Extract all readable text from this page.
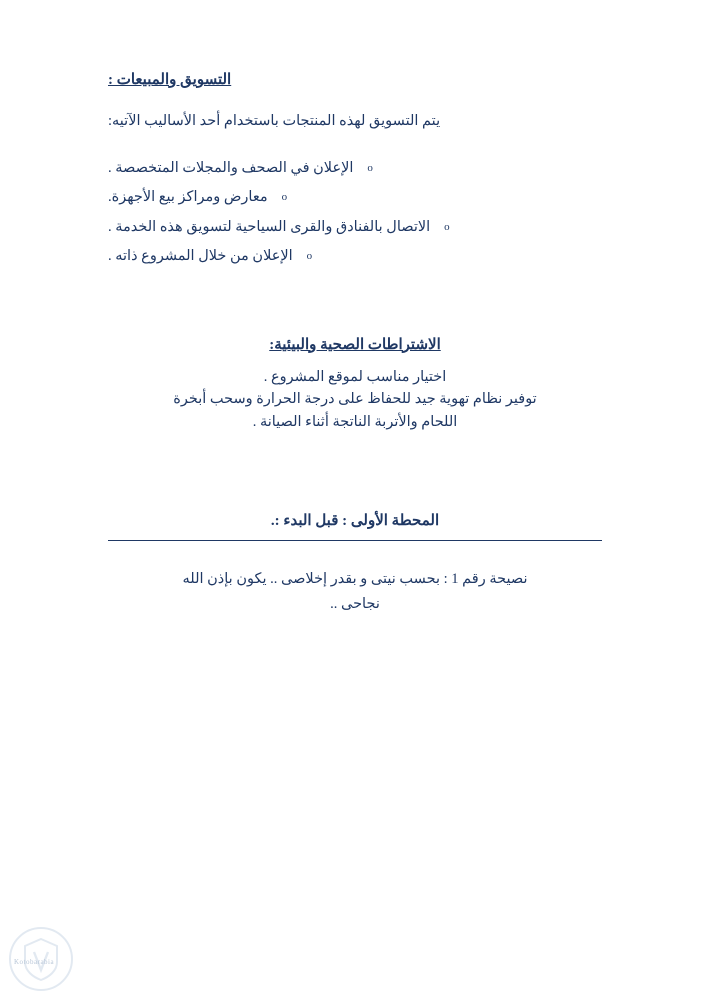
التسويق والمبيعات :

يتم التسويق لهذه المنتجات باستخدام أحد الأساليب الآتيه:

o
الإعلان في الصحف والمجلات المتخصصة .
o
معارض ومراكز بيع الأجهزة.
o
الاتصال بالفنادق والقرى السياحية لتسويق هذه الخدمة .
o
الإعلان من خلال المشروع ذاته .
الاشتراطات الصحية والبيئية:

اختيار مناسب لموقع المشروع .

توفير نظام تهوية جيد للحفاظ على درجة الحرارة وسحب أبخرة

اللحام والأتربة الناتجة أثناء الصيانة .

المحطة الأولى : قبل البدء :.

نصيحة رقم 1 : بحسب نيتى و بقدر إخلاصى .. يكون بإذن الله

نجاحى ..

Kotobarabia
